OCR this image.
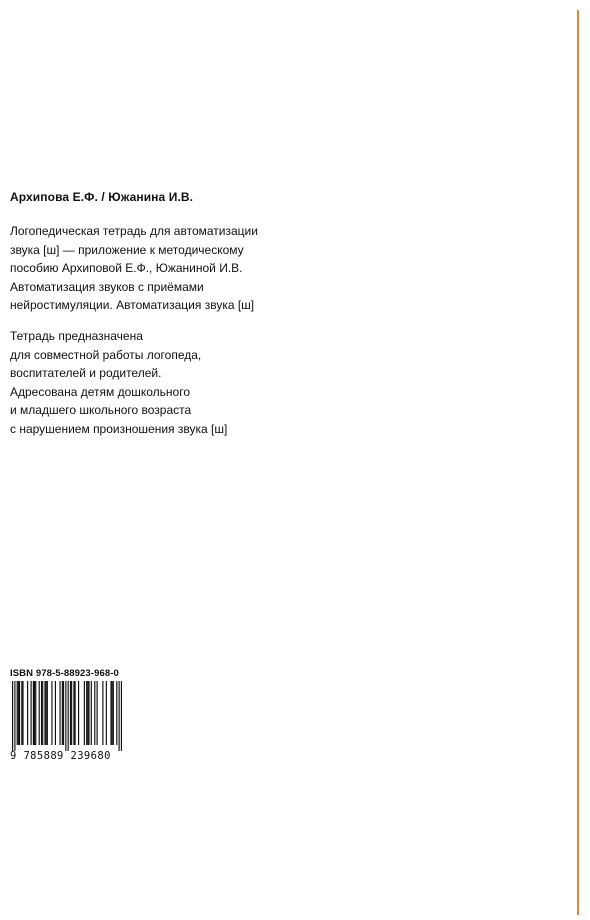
Архипова Е.Ф. / Южанина И.В.
Логопедическая тетрадь для автоматизации
звука [ш] — приложение к методическому
пособию Архиповой Е.Ф., Южаниной И.В.
Автоматизация звуков с приёмами
нейростимуляции. Автоматизация звука [ш]
Тетрадь предназначена
для совместной работы логопеда,
воспитателей и родителей.
Адресована детям дошкольного
и младшего школьного возраста
с нарушением произношения звука [ш]
ISBN 978-5-88923-968-0
9 785889 239680
